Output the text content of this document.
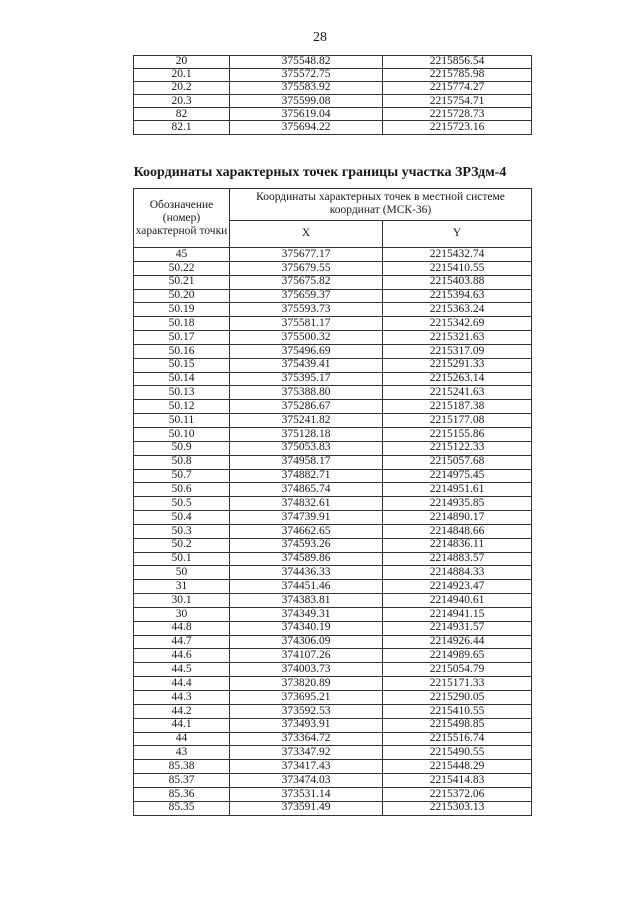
28
20	375548.82	2215856.54
20.1	375572.75	2215785.98
20.2	375583.92	2215774.27
20.3	375599.08	2215754.71
82	375619.04	2215728.73
82.1	375694.22	2215723.16
Координаты характерных точек границы участка ЗРЗдм-4
Обозначение (номер) характерной точки	Координаты характерных точек в местной системе координат (МСК-36)	
	X	Y
45	375677.17	2215432.74
50.22	375679.55	2215410.55
50.21	375675.82	2215403.88
50.20	375659.37	2215394.63
50.19	375593.73	2215363.24
50.18	375581.17	2215342.69
50.17	375500.32	2215321.63
50.16	375496.69	2215317.09
50.15	375439.41	2215291.33
50.14	375395.17	2215263.14
50.13	375388.80	2215241.63
50.12	375286.67	2215187.38
50.11	375241.82	2215177.08
50.10	375128.18	2215155.86
50.9	375053.83	2215122.33
50.8	374958.17	2215057.68
50.7	374882.71	2214975.45
50.6	374865.74	2214951.61
50.5	374832.61	2214935.85
50.4	374739.91	2214890.17
50.3	374662.65	2214848.66
50.2	374593.26	2214836.11
50.1	374589.86	2214883.57
50	374436.33	2214884.33
31	374451.46	2214923.47
30.1	374383.81	2214940.61
30	374349.31	2214941.15
44.8	374340.19	2214931.57
44.7	374306.09	2214926.44
44.6	374107.26	2214989.65
44.5	374003.73	2215054.79
44.4	373820.89	2215171.33
44.3	373695.21	2215290.05
44.2	373592.53	2215410.55
44.1	373493.91	2215498.85
44	373364.72	2215516.74
43	373347.92	2215490.55
85.38	373417.43	2215448.29
85.37	373474.03	2215414.83
85.36	373531.14	2215372.06
85.35	373591.49	2215303.13
